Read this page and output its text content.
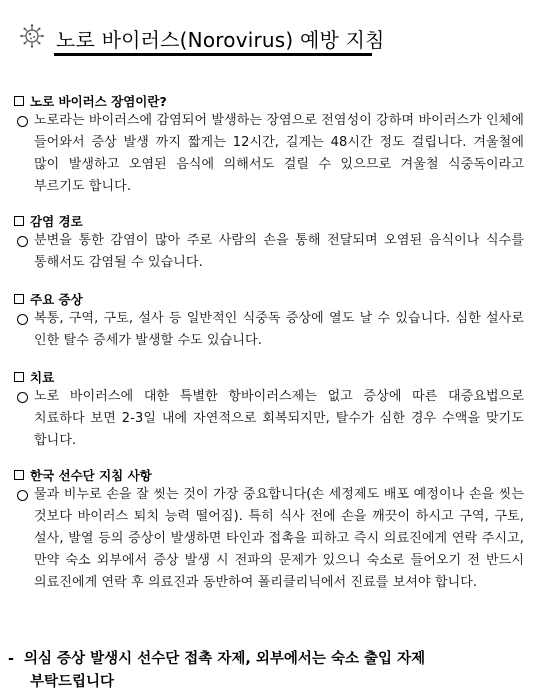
노로 바이러스(Norovirus) 예방 지침
노로 바이러스 장염이란?
노로라는 바이러스에 감염되어 발생하는 장염으로 전염성이 강하며 바이러스가 인체에 들어와서 증상 발생 까지 짧게는 12시간, 길게는 48시간 정도 걸립니다. 겨울철에 많이 발생하고 오염된 음식에 의해서도 걸릴 수 있으므로 겨울철 식중독이라고 부르기도 합니다.
감염 경로
분변을 통한 감염이 많아 주로 사람의 손을 통해 전달되며 오염된 음식이나 식수를 통해서도 감염될 수 있습니다.
주요 증상
복통, 구역, 구토, 설사 등 일반적인 식중독 증상에 열도 날 수 있습니다. 심한 설사로 인한 탈수 증세가 발생할 수도 있습니다.
치료
노로 바이러스에 대한 특별한 항바이러스제는 없고 증상에 따른 대증요법으로 치료하다 보면 2-3일 내에 자연적으로 회복되지만, 탈수가 심한 경우 수액을 맞기도 합니다.
한국 선수단 지침 사항
물과 비누로 손을 잘 씻는 것이 가장 중요합니다(손 세정제도 배포 예정이나 손을 씻는 것보다 바이러스 퇴치 능력 떨어짐). 특히 식사 전에 손을 깨끗이 하시고 구역, 구토, 설사, 발열 등의 증상이 발생하면 타인과 접촉을 피하고 즉시 의료진에게 연락 주시고, 만약 숙소 외부에서 증상 발생 시 전파의 문제가 있으니 숙소로 들어오기 전 반드시 의료진에게 연락 후 의료진과 동반하여 폴리클리닉에서 진료를 보셔야 합니다.
- 의심 증상 발생시 선수단 접촉 자제, 외부에서는 숙소 출입 자제
부탁드립니다
